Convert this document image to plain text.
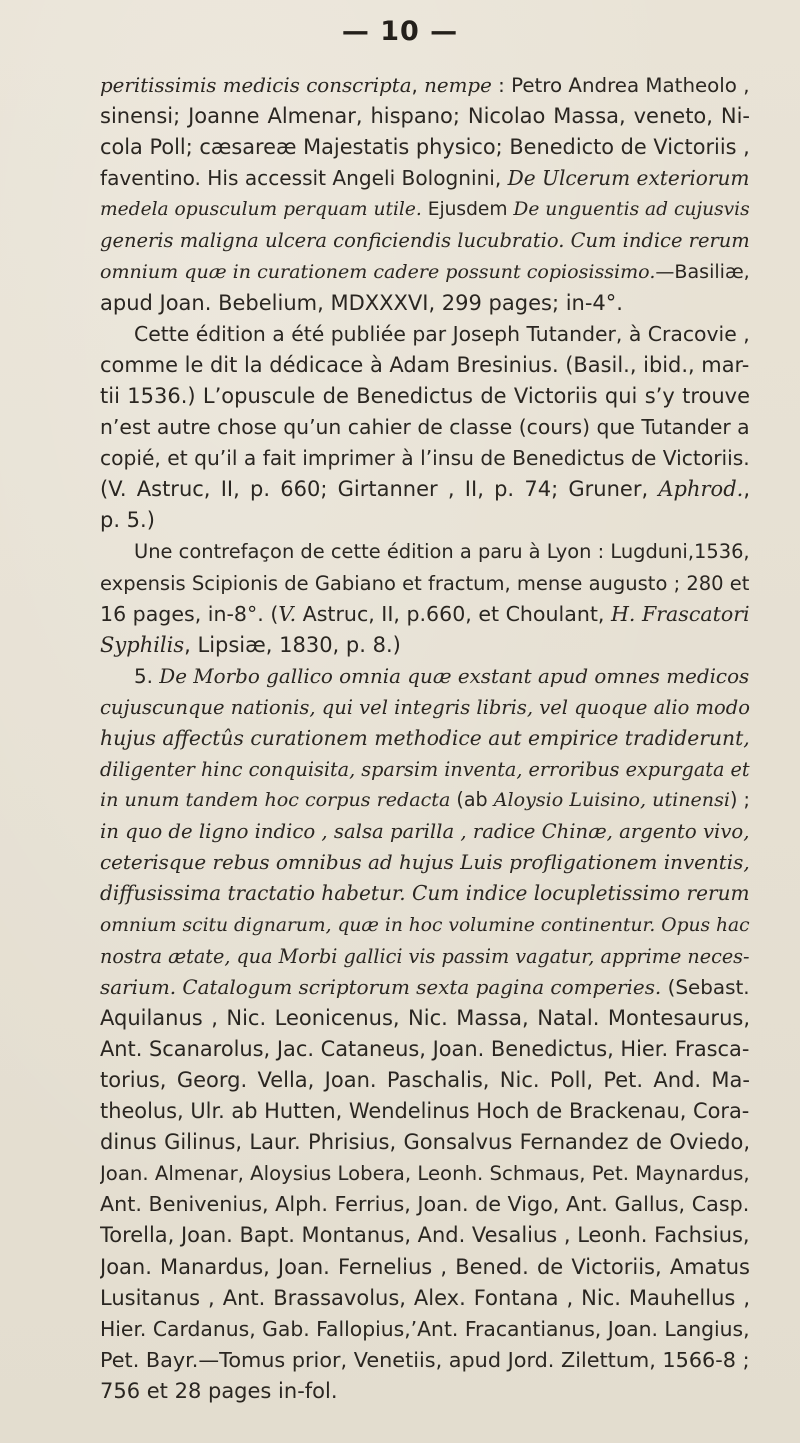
— 10 —
peritissimis medicis conscripta, nempe : Petro Andrea Matheolo ,
sinensi; Joanne Almenar, hispano; Nicolao Massa, veneto, Ni-
cola Poll; cæsareæ Majestatis physico; Benedicto de Victoriis ,
faventino. His accessit Angeli Bolognini, De Ulcerum exteriorum
medela opusculum perquam utile. Ejusdem De unguentis ad cujusvis
generis maligna ulcera conficiendis lucubratio. Cum indice rerum
omnium quæ in curationem cadere possunt copiosissimo.—Basiliæ,
apud Joan. Bebelium, MDXXXVI, 299 pages; in-4°.
Cette édition a été publiée par Joseph Tutander, à Cracovie ,
comme le dit la dédicace à Adam Bresinius. (Basil., ibid., mar-
tii 1536.) L’opuscule de Benedictus de Victoriis qui s’y trouve
n’est autre chose qu’un cahier de classe (cours) que Tutander a
copié, et qu’il a fait imprimer à l’insu de Benedictus de Victoriis.
(V. Astruc, II, p. 660; Girtanner , II, p. 74; Gruner, Aphrod.,
p. 5.)
Une contrefaçon de cette édition a paru à Lyon : Lugduni,1536,
expensis Scipionis de Gabiano et fractum, mense augusto ; 280 et
16 pages, in-8°. (V. Astruc, II, p.660, et Choulant, H. Frascatori
Syphilis, Lipsiæ, 1830, p. 8.)
5. De Morbo gallico omnia quæ exstant apud omnes medicos
cujuscunque nationis, qui vel integris libris, vel quoque alio modo
hujus affectûs curationem methodice aut empirice tradiderunt,
diligenter hinc conquisita, sparsim inventa, erroribus expurgata et
in unum tandem hoc corpus redacta (ab Aloysio Luisino, utinensi) ;
in quo de ligno indico , salsa parilla , radice Chinæ, argento vivo,
ceterisque rebus omnibus ad hujus Luis profligationem inventis,
diffusissima tractatio habetur. Cum indice locupletissimo rerum
omnium scitu dignarum, quæ in hoc volumine continentur. Opus hac
nostra ætate, qua Morbi gallici vis passim vagatur, apprime neces-
sarium. Catalogum scriptorum sexta pagina comperies. (Sebast.
Aquilanus , Nic. Leonicenus, Nic. Massa, Natal. Montesaurus,
Ant. Scanarolus, Jac. Cataneus, Joan. Benedictus, Hier. Frasca-
torius, Georg. Vella, Joan. Paschalis, Nic. Poll, Pet. And. Ma-
theolus, Ulr. ab Hutten, Wendelinus Hoch de Brackenau, Cora-
dinus Gilinus, Laur. Phrisius, Gonsalvus Fernandez de Oviedo,
Joan. Almenar, Aloysius Lobera, Leonh. Schmaus, Pet. Maynardus,
Ant. Benivenius, Alph. Ferrius, Joan. de Vigo, Ant. Gallus, Casp.
Torella, Joan. Bapt. Montanus, And. Vesalius , Leonh. Fachsius,
Joan. Manardus, Joan. Fernelius , Bened. de Victoriis, Amatus
Lusitanus , Ant. Brassavolus, Alex. Fontana , Nic. Mauhellus ,
Hier. Cardanus, Gab. Fallopius,’Ant. Fracantianus, Joan. Langius,
Pet. Bayr.—Tomus prior, Venetiis, apud Jord. Zilettum, 1566-8 ;
756 et 28 pages in-fol.
